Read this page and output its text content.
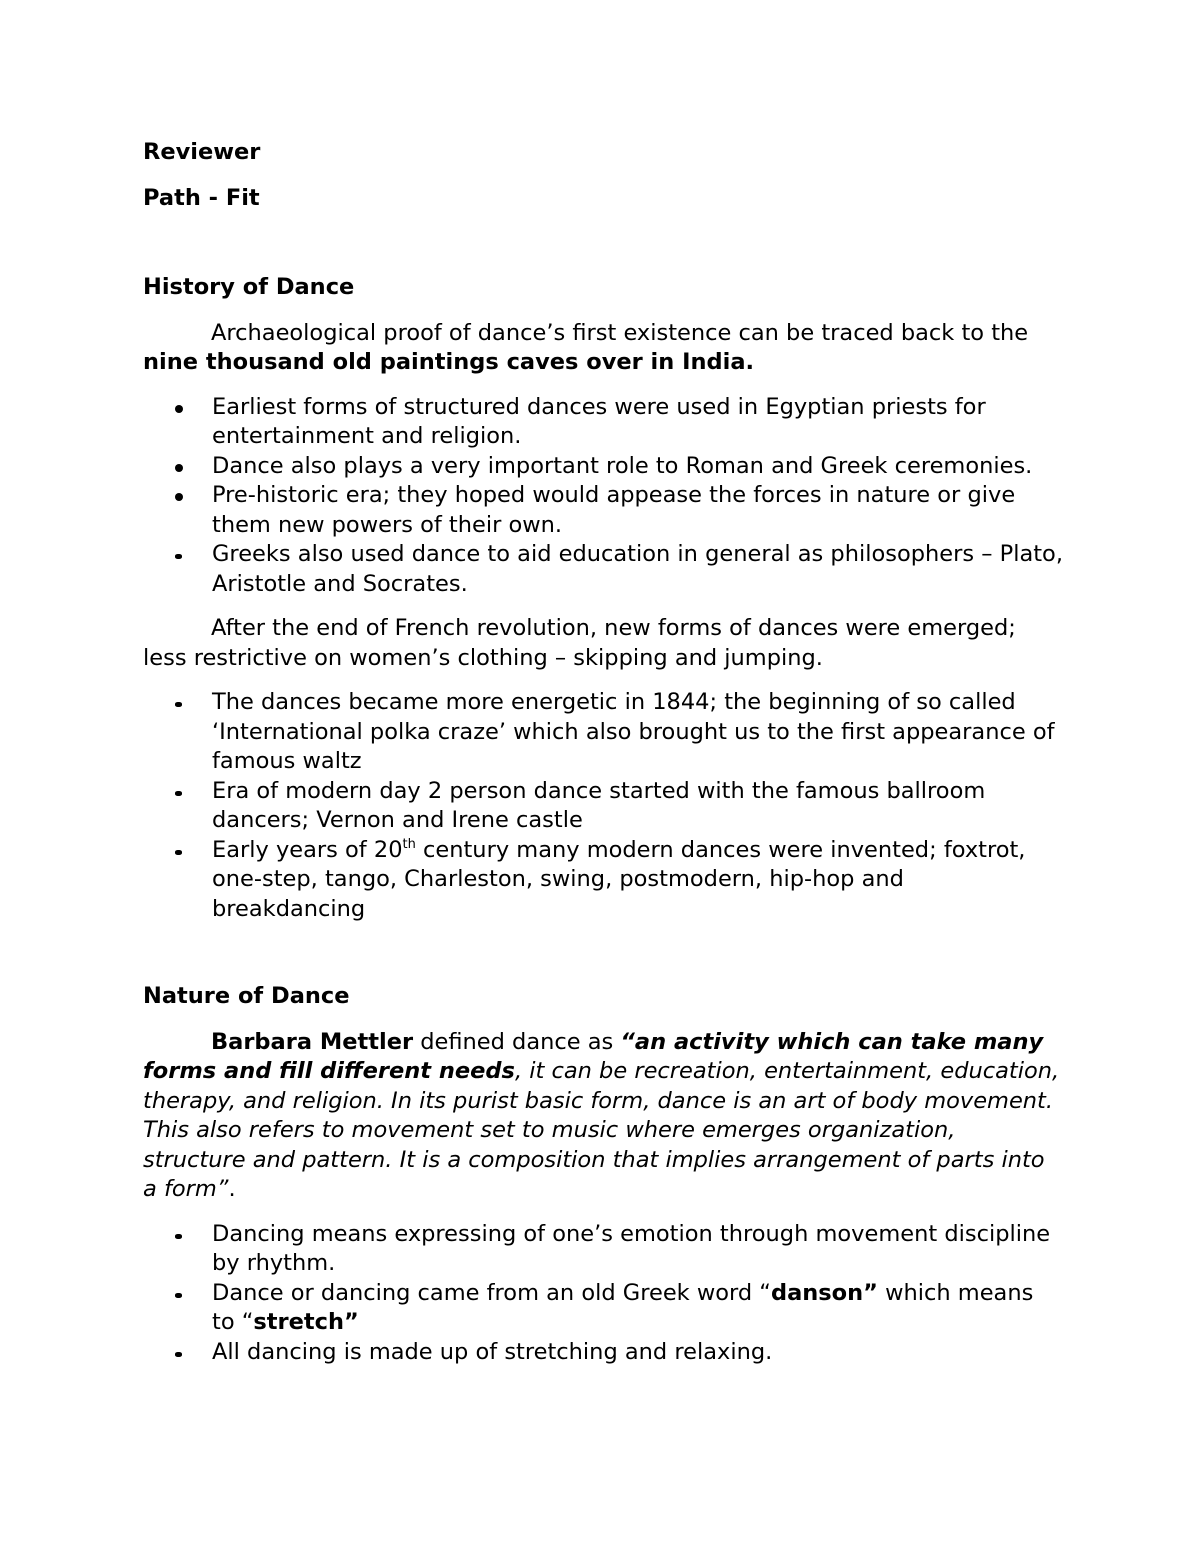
Reviewer

Path - Fit

History of Dance

Archaeological proof of dance’s first existence can be traced back to the nine thousand old paintings caves over in India.

Earliest forms of structured dances were used in Egyptian priests for entertainment and religion.
Dance also plays a very important role to Roman and Greek ceremonies.
Pre-historic era; they hoped would appease the forces in nature or give them new powers of their own.
Greeks also used dance to aid education in general as philosophers – Plato, Aristotle and Socrates.

After the end of French revolution, new forms of dances were emerged; less restrictive on women’s clothing – skipping and jumping.

The dances became more energetic in 1844; the beginning of so called ‘International polka craze’ which also brought us to the first appearance of famous waltz
Era of modern day 2 person dance started with the famous ballroom dancers; Vernon and Irene castle
Early years of 20th century many modern dances were invented; foxtrot, one-step, tango, Charleston, swing, postmodern, hip-hop and breakdancing

Nature of Dance

Barbara Mettler defined dance as “an activity which can take many forms and fill different needs, it can be recreation, entertainment, education, therapy, and religion. In its purist basic form, dance is an art of body movement. This also refers to movement set to music where emerges organization, structure and pattern. It is a composition that implies arrangement of parts into a form”.

Dancing means expressing of one’s emotion through movement discipline by rhythm.
Dance or dancing came from an old Greek word “danson” which means to “stretch”
All dancing is made up of stretching and relaxing.
